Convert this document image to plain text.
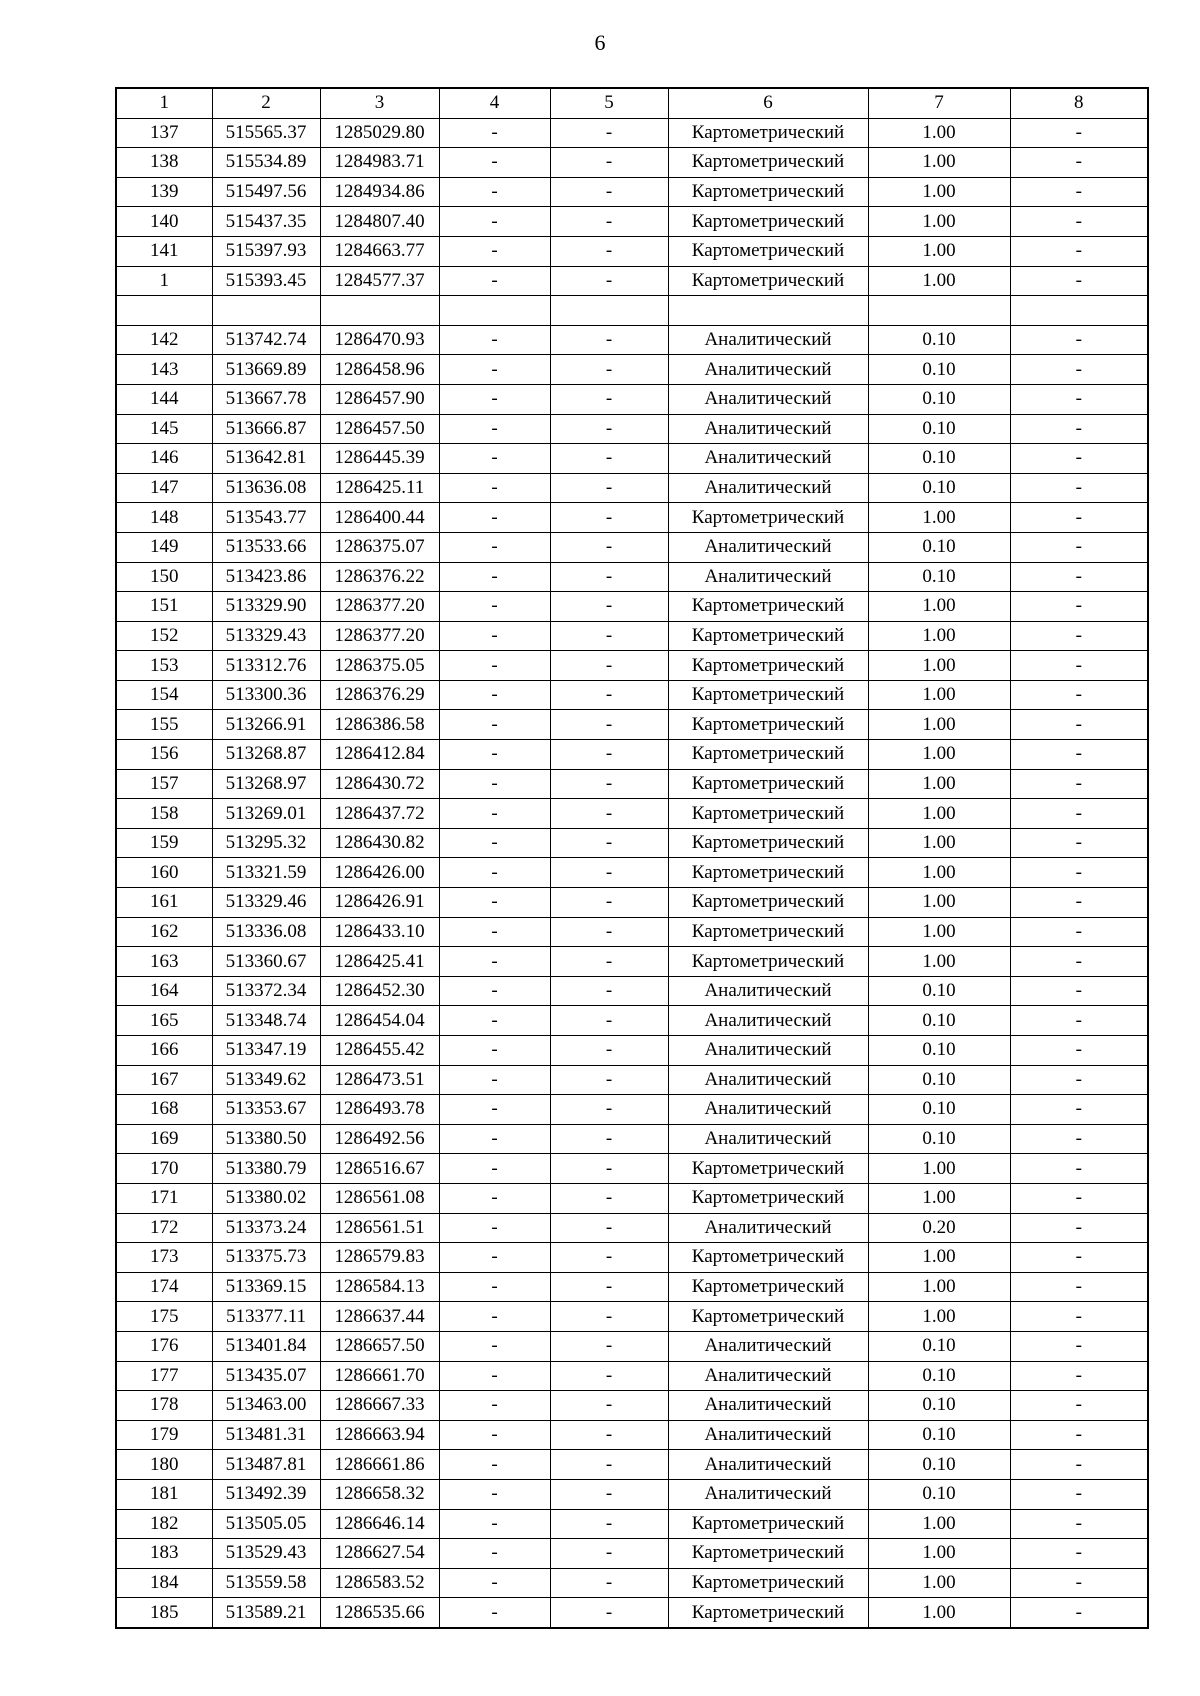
6
1	2	3	4	5	6	7	8
137	515565.37	1285029.80	-	-	Картометрический	1.00	-
138	515534.89	1284983.71	-	-	Картометрический	1.00	-
139	515497.56	1284934.86	-	-	Картометрический	1.00	-
140	515437.35	1284807.40	-	-	Картометрический	1.00	-
141	515397.93	1284663.77	-	-	Картометрический	1.00	-
1	515393.45	1284577.37	-	-	Картометрический	1.00	-

142	513742.74	1286470.93	-	-	Аналитический	0.10	-
143	513669.89	1286458.96	-	-	Аналитический	0.10	-
144	513667.78	1286457.90	-	-	Аналитический	0.10	-
145	513666.87	1286457.50	-	-	Аналитический	0.10	-
146	513642.81	1286445.39	-	-	Аналитический	0.10	-
147	513636.08	1286425.11	-	-	Аналитический	0.10	-
148	513543.77	1286400.44	-	-	Картометрический	1.00	-
149	513533.66	1286375.07	-	-	Аналитический	0.10	-
150	513423.86	1286376.22	-	-	Аналитический	0.10	-
151	513329.90	1286377.20	-	-	Картометрический	1.00	-
152	513329.43	1286377.20	-	-	Картометрический	1.00	-
153	513312.76	1286375.05	-	-	Картометрический	1.00	-
154	513300.36	1286376.29	-	-	Картометрический	1.00	-
155	513266.91	1286386.58	-	-	Картометрический	1.00	-
156	513268.87	1286412.84	-	-	Картометрический	1.00	-
157	513268.97	1286430.72	-	-	Картометрический	1.00	-
158	513269.01	1286437.72	-	-	Картометрический	1.00	-
159	513295.32	1286430.82	-	-	Картометрический	1.00	-
160	513321.59	1286426.00	-	-	Картометрический	1.00	-
161	513329.46	1286426.91	-	-	Картометрический	1.00	-
162	513336.08	1286433.10	-	-	Картометрический	1.00	-
163	513360.67	1286425.41	-	-	Картометрический	1.00	-
164	513372.34	1286452.30	-	-	Аналитический	0.10	-
165	513348.74	1286454.04	-	-	Аналитический	0.10	-
166	513347.19	1286455.42	-	-	Аналитический	0.10	-
167	513349.62	1286473.51	-	-	Аналитический	0.10	-
168	513353.67	1286493.78	-	-	Аналитический	0.10	-
169	513380.50	1286492.56	-	-	Аналитический	0.10	-
170	513380.79	1286516.67	-	-	Картометрический	1.00	-
171	513380.02	1286561.08	-	-	Картометрический	1.00	-
172	513373.24	1286561.51	-	-	Аналитический	0.20	-
173	513375.73	1286579.83	-	-	Картометрический	1.00	-
174	513369.15	1286584.13	-	-	Картометрический	1.00	-
175	513377.11	1286637.44	-	-	Картометрический	1.00	-
176	513401.84	1286657.50	-	-	Аналитический	0.10	-
177	513435.07	1286661.70	-	-	Аналитический	0.10	-
178	513463.00	1286667.33	-	-	Аналитический	0.10	-
179	513481.31	1286663.94	-	-	Аналитический	0.10	-
180	513487.81	1286661.86	-	-	Аналитический	0.10	-
181	513492.39	1286658.32	-	-	Аналитический	0.10	-
182	513505.05	1286646.14	-	-	Картометрический	1.00	-
183	513529.43	1286627.54	-	-	Картометрический	1.00	-
184	513559.58	1286583.52	-	-	Картометрический	1.00	-
185	513589.21	1286535.66	-	-	Картометрический	1.00	-
